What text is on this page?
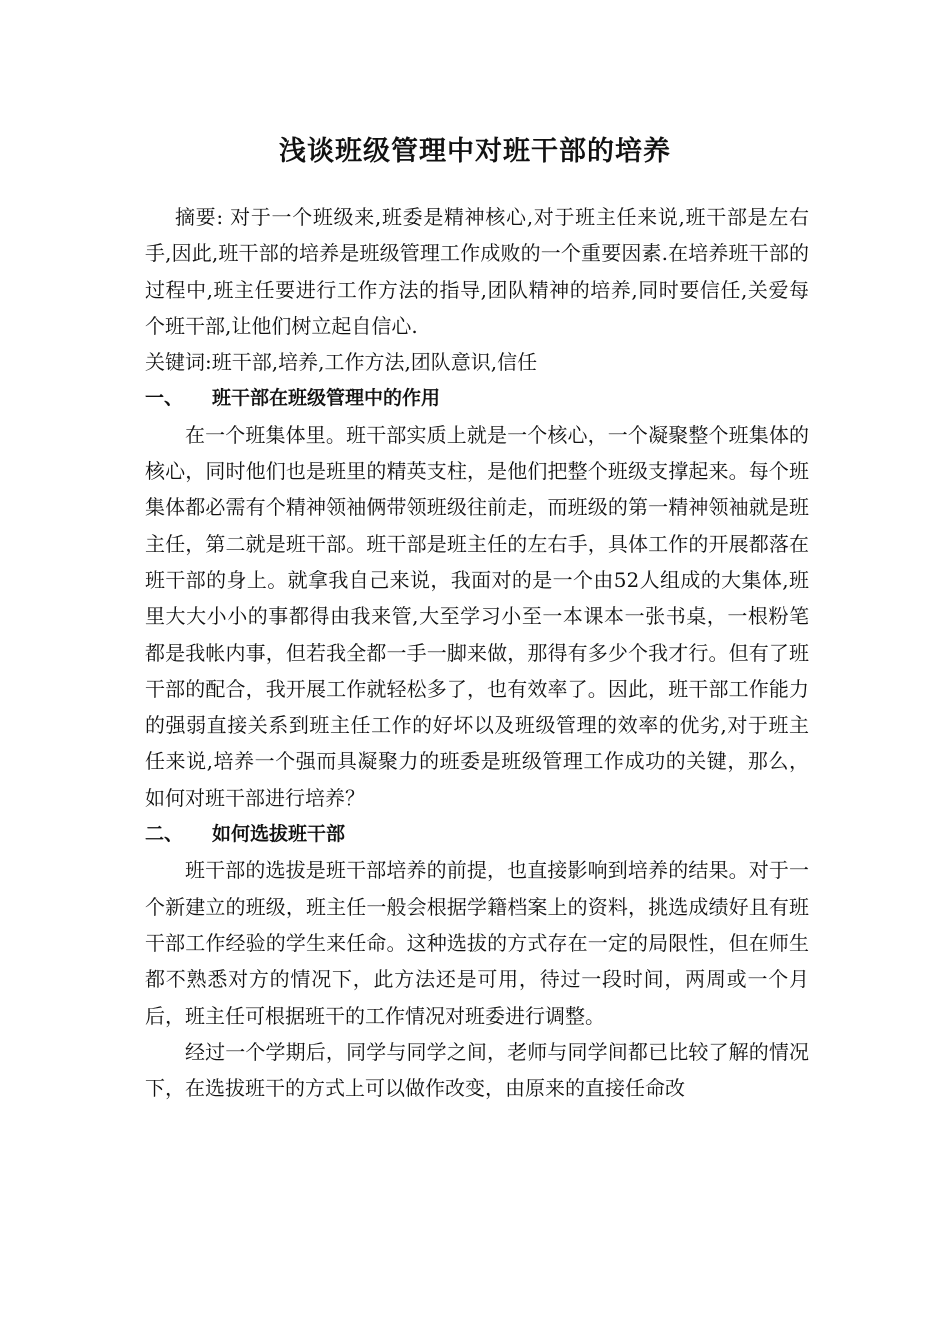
浅谈班级管理中对班干部的培养

摘要: 对于一个班级来,班委是精神核心,对于班主任来说,班干部是左右手,因此,班干部的培养是班级管理工作成败的一个重要因素.在培养班干部的过程中,班主任要进行工作方法的指导,团队精神的培养,同时要信任,关爱每个班干部,让他们树立起自信心.

关键词:班干部,培养,工作方法,团队意识,信任

一、 班干部在班级管理中的作用

在一个班集体里。班干部实质上就是一个核心，一个凝聚整个班集体的核心，同时他们也是班里的精英支柱，是他们把整个班级支撑起来。每个班集体都必需有个精神领袖俩带领班级往前走，而班级的第一精神领袖就是班主任，第二就是班干部。班干部是班主任的左右手，具体工作的开展都落在班干部的身上。就拿我自己来说，我面对的是一个由52人组成的大集体,班里大大小小的事都得由我来管,大至学习小至一本课本一张书桌，一根粉笔都是我帐内事，但若我全都一手一脚来做，那得有多少个我才行。但有了班干部的配合，我开展工作就轻松多了，也有效率了。因此，班干部工作能力的强弱直接关系到班主任工作的好坏以及班级管理的效率的优劣,对于班主任来说,培养一个强而具凝聚力的班委是班级管理工作成功的关键，那么，如何对班干部进行培养？

二、 如何选拔班干部

班干部的选拔是班干部培养的前提，也直接影响到培养的结果。对于一个新建立的班级，班主任一般会根据学籍档案上的资料，挑选成绩好且有班干部工作经验的学生来任命。这种选拔的方式存在一定的局限性，但在师生都不熟悉对方的情况下，此方法还是可用，待过一段时间，两周或一个月后，班主任可根据班干的工作情况对班委进行调整。

经过一个学期后，同学与同学之间，老师与同学间都已比较了解的情况下，在选拔班干的方式上可以做作改变，由原来的直接任命改
